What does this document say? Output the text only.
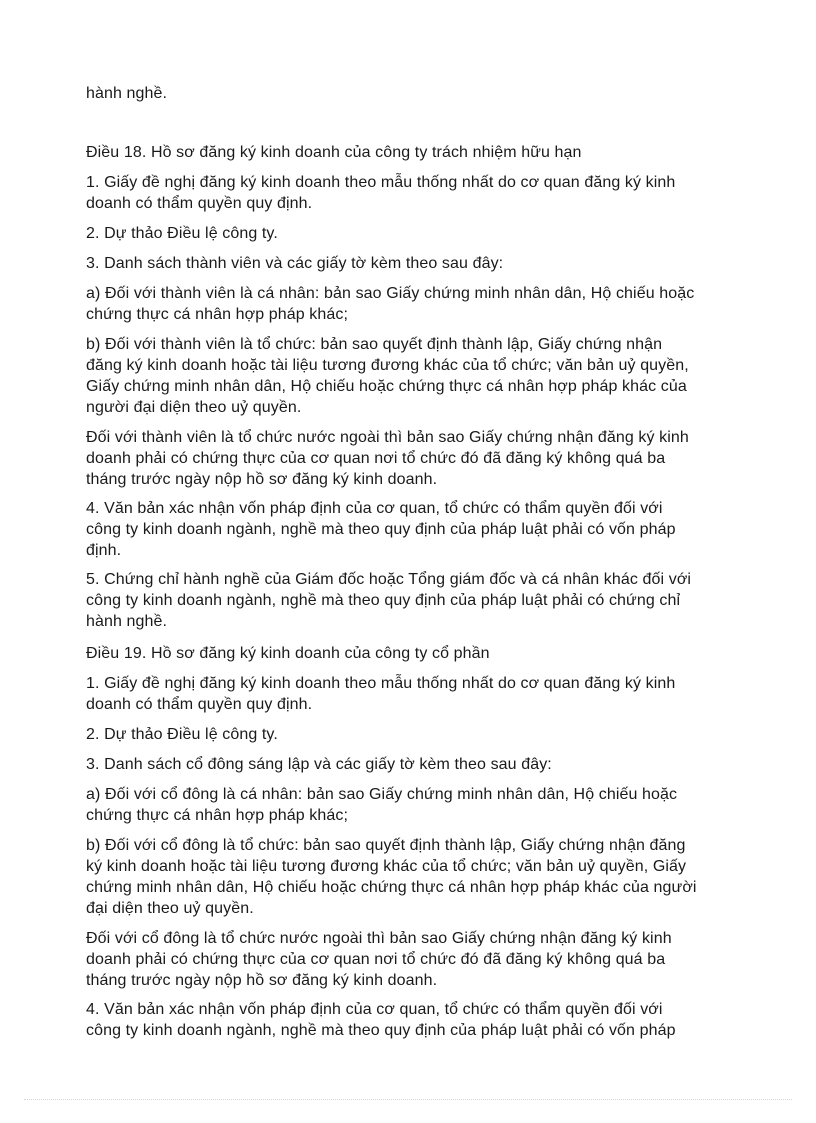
hành nghề.

Điều 18. Hồ sơ đăng ký kinh doanh của công ty trách nhiệm hữu hạn

1. Giấy đề nghị đăng ký kinh doanh theo mẫu thống nhất do cơ quan đăng ký kinh
doanh có thẩm quyền quy định.

2. Dự thảo Điều lệ công ty.

3. Danh sách thành viên và các giấy tờ kèm theo sau đây:

a) Đối với thành viên là cá nhân: bản sao Giấy chứng minh nhân dân, Hộ chiếu hoặc
chứng thực cá nhân hợp pháp khác;

b) Đối với thành viên là tổ chức: bản sao quyết định thành lập, Giấy chứng nhận
đăng ký kinh doanh hoặc tài liệu tương đương khác của tổ chức; văn bản uỷ quyền,
Giấy chứng minh nhân dân, Hộ chiếu hoặc chứng thực cá nhân hợp pháp khác của
người đại diện theo uỷ quyền.

Đối với thành viên là tổ chức nước ngoài thì bản sao Giấy chứng nhận đăng ký kinh
doanh phải có chứng thực của cơ quan nơi tổ chức đó đã đăng ký không quá ba
tháng trước ngày nộp hồ sơ đăng ký kinh doanh.

4. Văn bản xác nhận vốn pháp định của cơ quan, tổ chức có thẩm quyền đối với
công ty kinh doanh ngành, nghề mà theo quy định của pháp luật phải có vốn pháp
định.

5. Chứng chỉ hành nghề của Giám đốc hoặc Tổng giám đốc và cá nhân khác đối với
công ty kinh doanh ngành, nghề mà theo quy định của pháp luật phải có chứng chỉ
hành nghề.

Điều 19. Hồ sơ đăng ký kinh doanh của công ty cổ phần

1. Giấy đề nghị đăng ký kinh doanh theo mẫu thống nhất do cơ quan đăng ký kinh
doanh có thẩm quyền quy định.

2. Dự thảo Điều lệ công ty.

3. Danh sách cổ đông sáng lập và các giấy tờ kèm theo sau đây:

a) Đối với cổ đông là cá nhân: bản sao Giấy chứng minh nhân dân, Hộ chiếu hoặc
chứng thực cá nhân hợp pháp khác;

b) Đối với cổ đông là tổ chức: bản sao quyết định thành lập, Giấy chứng nhận đăng
ký kinh doanh hoặc tài liệu tương đương khác của tổ chức; văn bản uỷ quyền, Giấy
chứng minh nhân dân, Hộ chiếu hoặc chứng thực cá nhân hợp pháp khác của người
đại diện theo uỷ quyền.

Đối với cổ đông là tổ chức nước ngoài thì bản sao Giấy chứng nhận đăng ký kinh
doanh phải có chứng thực của cơ quan nơi tổ chức đó đã đăng ký không quá ba
tháng trước ngày nộp hồ sơ đăng ký kinh doanh.

4. Văn bản xác nhận vốn pháp định của cơ quan, tổ chức có thẩm quyền đối với
công ty kinh doanh ngành, nghề mà theo quy định của pháp luật phải có vốn pháp
